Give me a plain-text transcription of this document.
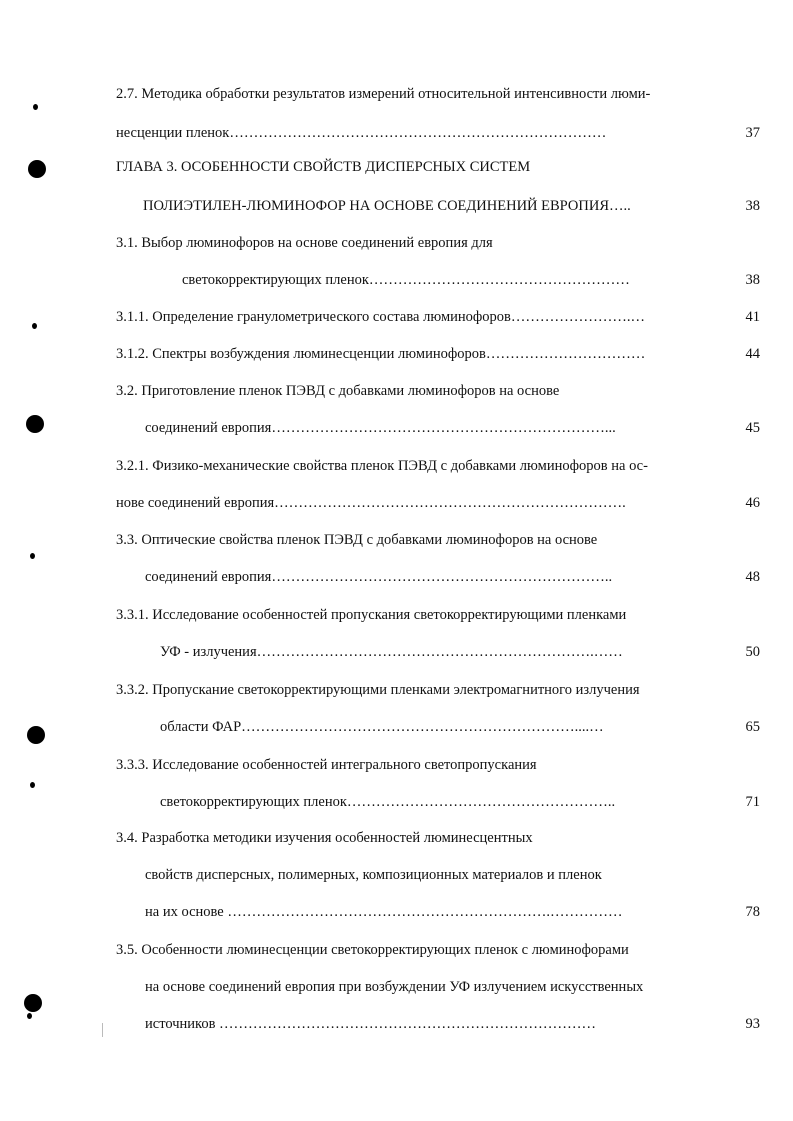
2.7. Методика обработки результатов измерений относительной интенсивности люми-
несценции пленок……………………………………………………………………	37
ГЛАВА 3. ОСОБЕННОСТИ СВОЙСТВ ДИСПЕРСНЫХ СИСТЕМ
ПОЛИЭТИЛЕН-ЛЮМИНОФОР НА ОСНОВЕ СОЕДИНЕНИЙ ЕВРОПИЯ…..	38
3.1. Выбор люминофоров на основе соединений европия для
светокорректирующих пленок………………………………………………	38
3.1.1. Определение гранулометрического состава люминофоров…………………….…	41
3.1.2. Спектры возбуждения люминесценции люминофоров……………………………	44
3.2. Приготовление пленок ПЭВД с добавками люминофоров на основе
соединений европия……………………………………………………………...	45
3.2.1. Физико-механические свойства пленок ПЭВД с добавками люминофоров на ос-
нове соединений европия……………………………………………………………….	46
3.3. Оптические свойства пленок ПЭВД с добавками люминофоров на основе
соединений европия……………………………………………………………..	48
3.3.1. Исследование особенностей пропускания светокорректирующими пленками
УФ - излучения…………………………………………………………….……	50
3.3.2. Пропускание светокорректирующими пленками электромагнитного излучения
области ФАР……………………………………………………………....…	65
3.3.3. Исследование особенностей интегрального светопропускания
светокорректирующих пленок………………………………………………..	71
3.4. Разработка методики изучения особенностей люминесцентных
свойств дисперсных, полимерных, композиционных материалов и пленок
на их основе ………………………………………………………….……………	78
3.5. Особенности люминесценции светокорректирующих пленок с люминофорами
на основе соединений европия при возбуждении УФ излучением искусственных
источников ……………………………………………………………………	93
